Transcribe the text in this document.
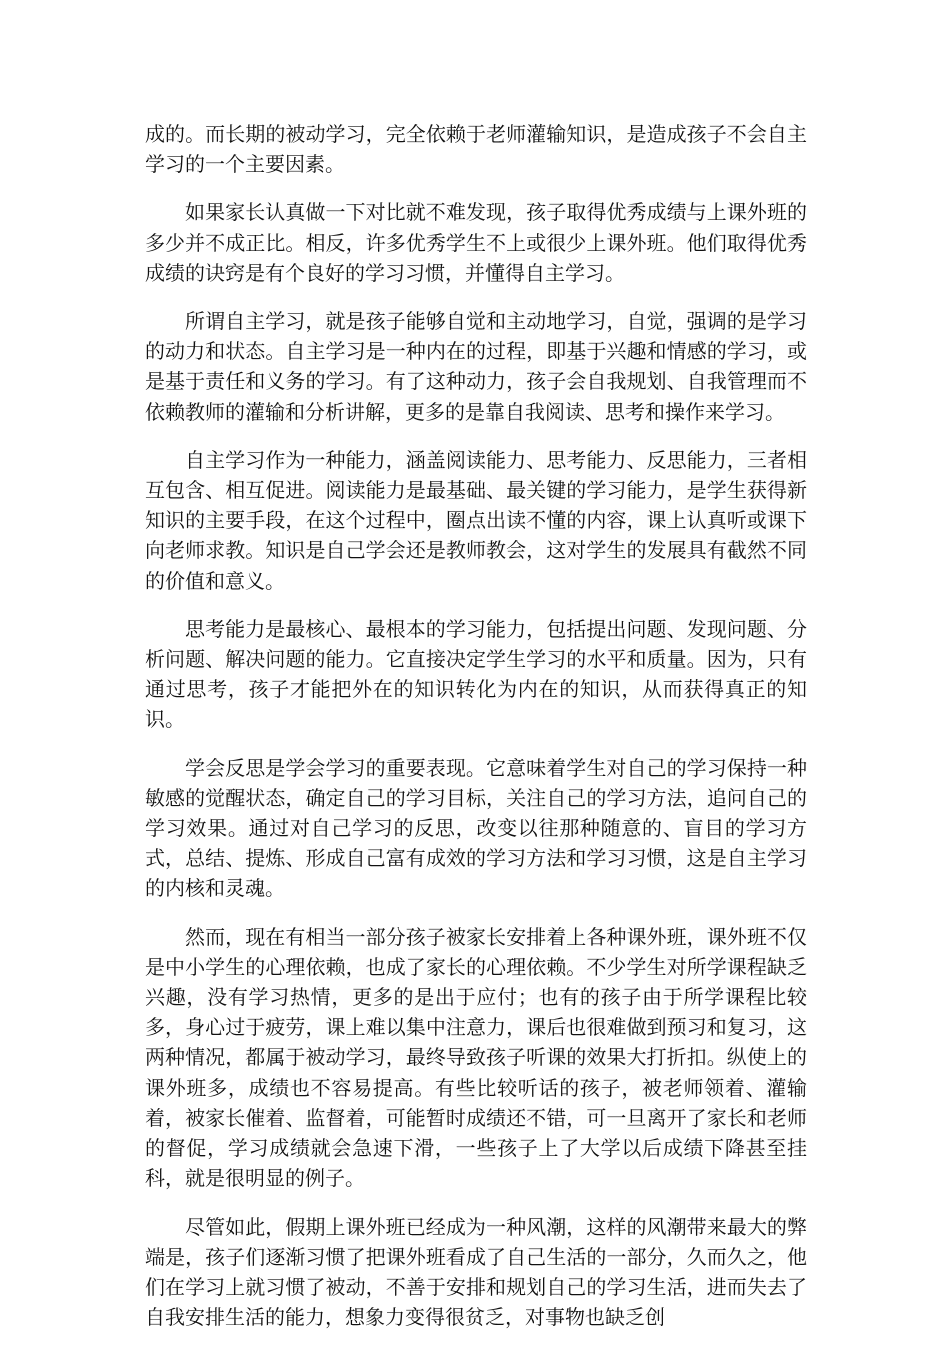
成的。而长期的被动学习，完全依赖于老师灌输知识，是造成孩子不会自主学习的一个主要因素。

如果家长认真做一下对比就不难发现，孩子取得优秀成绩与上课外班的多少并不成正比。相反，许多优秀学生不上或很少上课外班。他们取得优秀成绩的诀窍是有个良好的学习习惯，并懂得自主学习。

所谓自主学习，就是孩子能够自觉和主动地学习，自觉，强调的是学习的动力和状态。自主学习是一种内在的过程，即基于兴趣和情感的学习，或是基于责任和义务的学习。有了这种动力，孩子会自我规划、自我管理而不依赖教师的灌输和分析讲解，更多的是靠自我阅读、思考和操作来学习。

自主学习作为一种能力，涵盖阅读能力、思考能力、反思能力，三者相互包含、相互促进。阅读能力是最基础、最关键的学习能力，是学生获得新知识的主要手段，在这个过程中，圈点出读不懂的内容，课上认真听或课下向老师求教。知识是自己学会还是教师教会，这对学生的发展具有截然不同的价值和意义。

思考能力是最核心、最根本的学习能力，包括提出问题、发现问题、分析问题、解决问题的能力。它直接决定学生学习的水平和质量。因为，只有通过思考，孩子才能把外在的知识转化为内在的知识，从而获得真正的知识。

学会反思是学会学习的重要表现。它意味着学生对自己的学习保持一种敏感的觉醒状态，确定自己的学习目标，关注自己的学习方法，追问自己的学习效果。通过对自己学习的反思，改变以往那种随意的、盲目的学习方式，总结、提炼、形成自己富有成效的学习方法和学习习惯，这是自主学习的内核和灵魂。

然而，现在有相当一部分孩子被家长安排着上各种课外班，课外班不仅是中小学生的心理依赖，也成了家长的心理依赖。不少学生对所学课程缺乏兴趣，没有学习热情，更多的是出于应付；也有的孩子由于所学课程比较多，身心过于疲劳，课上难以集中注意力，课后也很难做到预习和复习，这两种情况，都属于被动学习，最终导致孩子听课的效果大打折扣。纵使上的课外班多，成绩也不容易提高。有些比较听话的孩子，被老师领着、灌输着，被家长催着、监督着，可能暂时成绩还不错，可一旦离开了家长和老师的督促，学习成绩就会急速下滑，一些孩子上了大学以后成绩下降甚至挂科，就是很明显的例子。

尽管如此，假期上课外班已经成为一种风潮，这样的风潮带来最大的弊端是，孩子们逐渐习惯了把课外班看成了自己生活的一部分，久而久之，他们在学习上就习惯了被动，不善于安排和规划自己的学习生活，进而失去了自我安排生活的能力，想象力变得很贫乏，对事物也缺乏创
